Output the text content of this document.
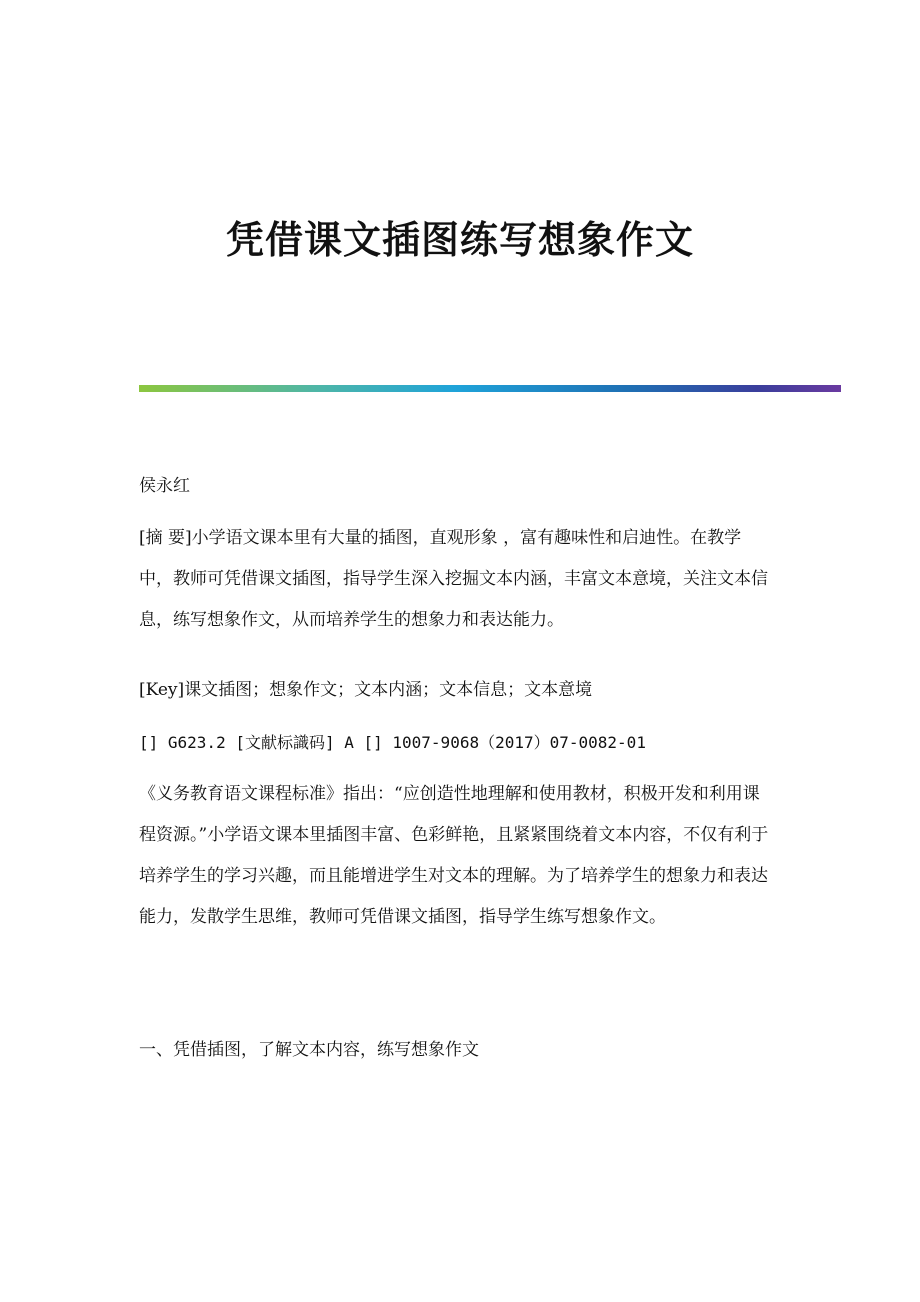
凭借课文插图练写想象作文

侯永红

[摘 要]小学语文课本里有大量的插图，直观形象 ，富有趣味性和启迪性。在教学中，教师可凭借课文插图，指导学生深入挖掘文本内涵，丰富文本意境，关注文本信息，练写想象作文，从而培养学生的想象力和表达能力。

[Key]课文插图；想象作文；文本内涵；文本信息；文本意境

[] G623.2 [文献标識码] A [] 1007-9068（2017）07-0082-01

《义务教育语文课程标准》指出：“应创造性地理解和使用教材，积极开发和利用课程资源。”小学语文课本里插图丰富、色彩鲜艳，且紧紧围绕着文本内容，不仅有利于培养学生的学习兴趣，而且能增进学生对文本的理解。为了培养学生的想象力和表达能力，发散学生思维，教师可凭借课文插图，指导学生练写想象作文。

一、凭借插图，了解文本内容，练写想象作文
